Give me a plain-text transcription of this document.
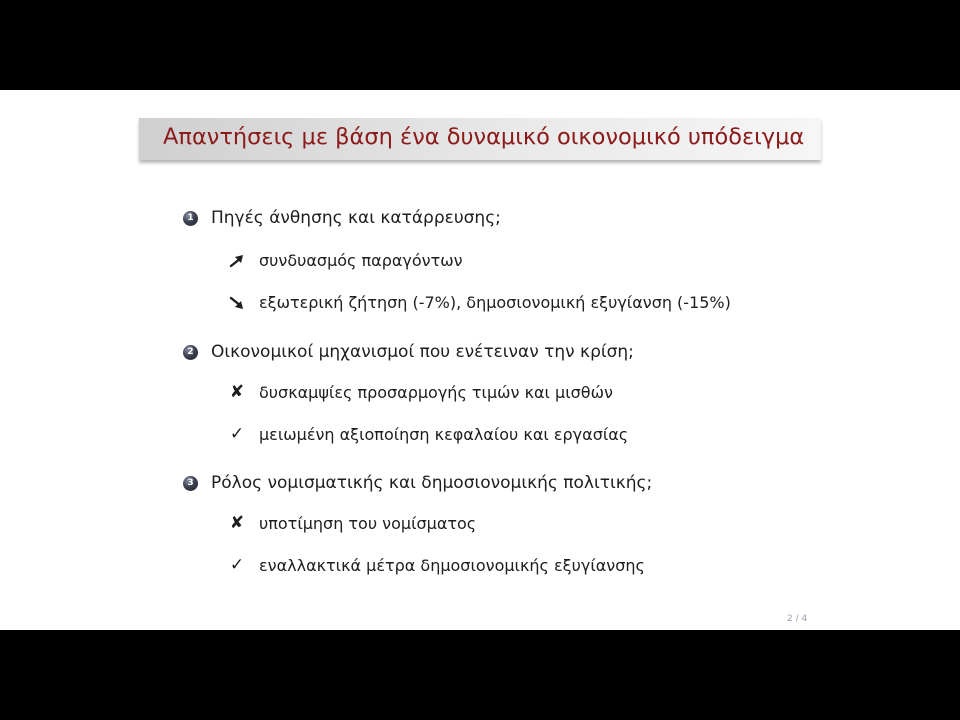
Απαντήσεις με βάση ένα δυναμικό οικονομικό υπόδειγμα
1 Πηγές άνθησης και κατάρρευσης;
συνδυασμός παραγόντων
εξωτερική ζήτηση (-7%), δημοσιονομική εξυγίανση (-15%)
2 Οικονομικοί μηχανισμοί που ενέτειναν την κρίση;
✘ δυσκαμψίες προσαρμογής τιμών και μισθών
✓ μειωμένη αξιοποίηση κεφαλαίου και εργασίας
3 Ρόλος νομισματικής και δημοσιονομικής πολιτικής;
✘ υποτίμηση του νομίσματος
✓ εναλλακτικά μέτρα δημοσιονομικής εξυγίανσης
2 / 4
